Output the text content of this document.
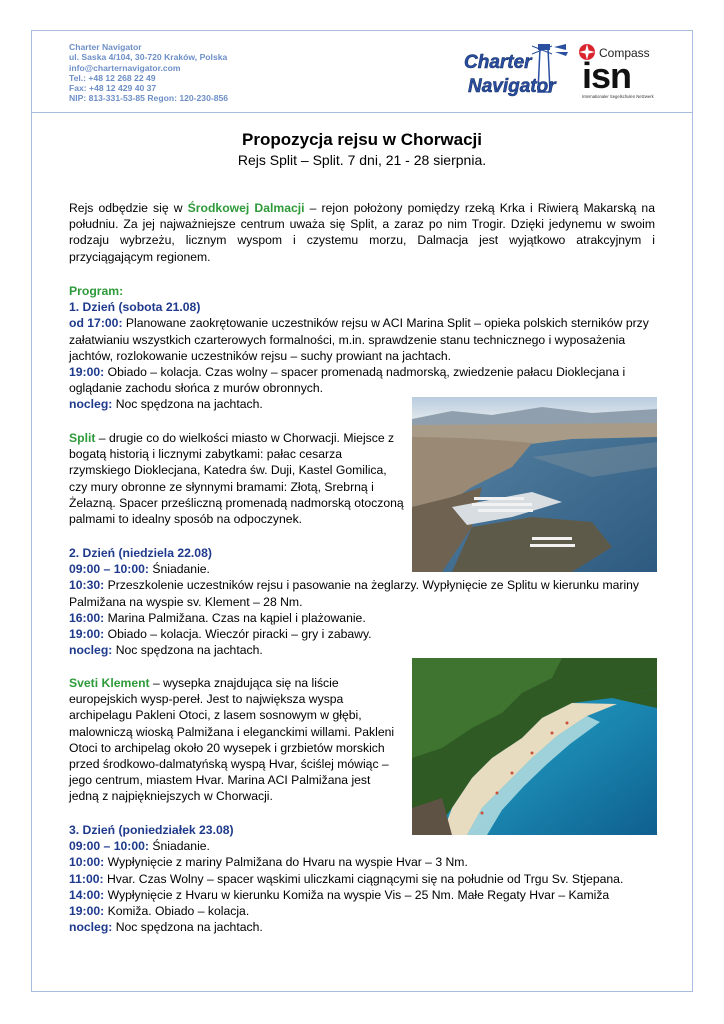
Charter Navigator
ul. Saska 4/104, 30-720 Kraków, Polska
info@charternavigator.com
Tel.: +48 12 268 22 49
Fax: +48 12 429 40 37
NIP: 813-331-53-85 Regon: 120-230-856
Charter
Navigator
Compass
isn
Internationaler Segelschulen Netzwerk
Propozycja rejsu w Chorwacji
Rejs Split – Split. 7 dni, 21 - 28 sierpnia.
Rejs odbędzie się w Środkowej Dalmacji – rejon położony pomiędzy rzeką Krka i Riwierą Makarską na południu. Za jej najważniejsze centrum uważa się Split, a zaraz po nim Trogir. Dzięki jedynemu w swoim rodzaju wybrzeżu, licznym wyspom i czystemu morzu, Dalmacja jest wyjątkowo atrakcyjnym i przyciągającym regionem.
Program:
1. Dzień (sobota 21.08)
od 17:00: Planowane zaokrętowanie uczestników rejsu w ACI Marina Split – opieka polskich sterników przy
załatwianiu wszystkich czarterowych formalności, m.in. sprawdzenie stanu technicznego i wyposażenia
jachtów, rozlokowanie uczestników rejsu – suchy prowiant na jachtach.
19:00: Obiado – kolacja. Czas wolny – spacer promenadą nadmorską, zwiedzenie pałacu Dioklecjana i
oglądanie zachodu słońca z murów obronnych.
nocleg: Noc spędzona na jachtach.
Split – drugie co do wielkości miasto w Chorwacji. Miejsce z
bogatą historią i licznymi zabytkami: pałac cesarza
rzymskiego Dioklecjana, Katedra św. Duji, Kastel Gomilica,
czy mury obronne ze słynnymi bramami: Złotą, Srebrną i
Żelazną. Spacer prześliczną promenadą nadmorską otoczoną
palmami to idealny sposób na odpoczynek.
2. Dzień (niedziela 22.08)
09:00 – 10:00: Śniadanie.
10:30: Przeszkolenie uczestników rejsu i pasowanie na żeglarzy. Wypłynięcie ze Splitu w kierunku mariny
Palmižana na wyspie sv. Klement – 28 Nm.
16:00: Marina Palmižana. Czas na kąpiel i plażowanie.
19:00: Obiado – kolacja. Wieczór piracki – gry i zabawy.
nocleg: Noc spędzona na jachtach.
Sveti Klement – wysepka znajdująca się na liście
europejskich wysp-pereł. Jest to największa wyspa
archipelagu Pakleni Otoci, z lasem sosnowym w głębi,
malowniczą wioską Palmižana i eleganckimi willami. Pakleni
Otoci to archipelag około 20 wysepek i grzbietów morskich
przed środkowo-dalmatyńską wyspą Hvar, ściślej mówiąc –
jego centrum, miastem Hvar. Marina ACI Palmižana jest
jedną z najpiękniejszych w Chorwacji.
3. Dzień (poniedziałek 23.08)
09:00 – 10:00: Śniadanie.
10:00: Wypłynięcie z mariny Palmižana do Hvaru na wyspie Hvar – 3 Nm.
11:00: Hvar. Czas Wolny – spacer wąskimi uliczkami ciągnącymi się na południe od Trgu Sv. Stjepana.
14:00: Wypłynięcie z Hvaru w kierunku Komiža na wyspie Vis – 25 Nm. Małe Regaty Hvar – Kamiža
19:00: Komiža. Obiado – kolacja.
nocleg: Noc spędzona na jachtach.
